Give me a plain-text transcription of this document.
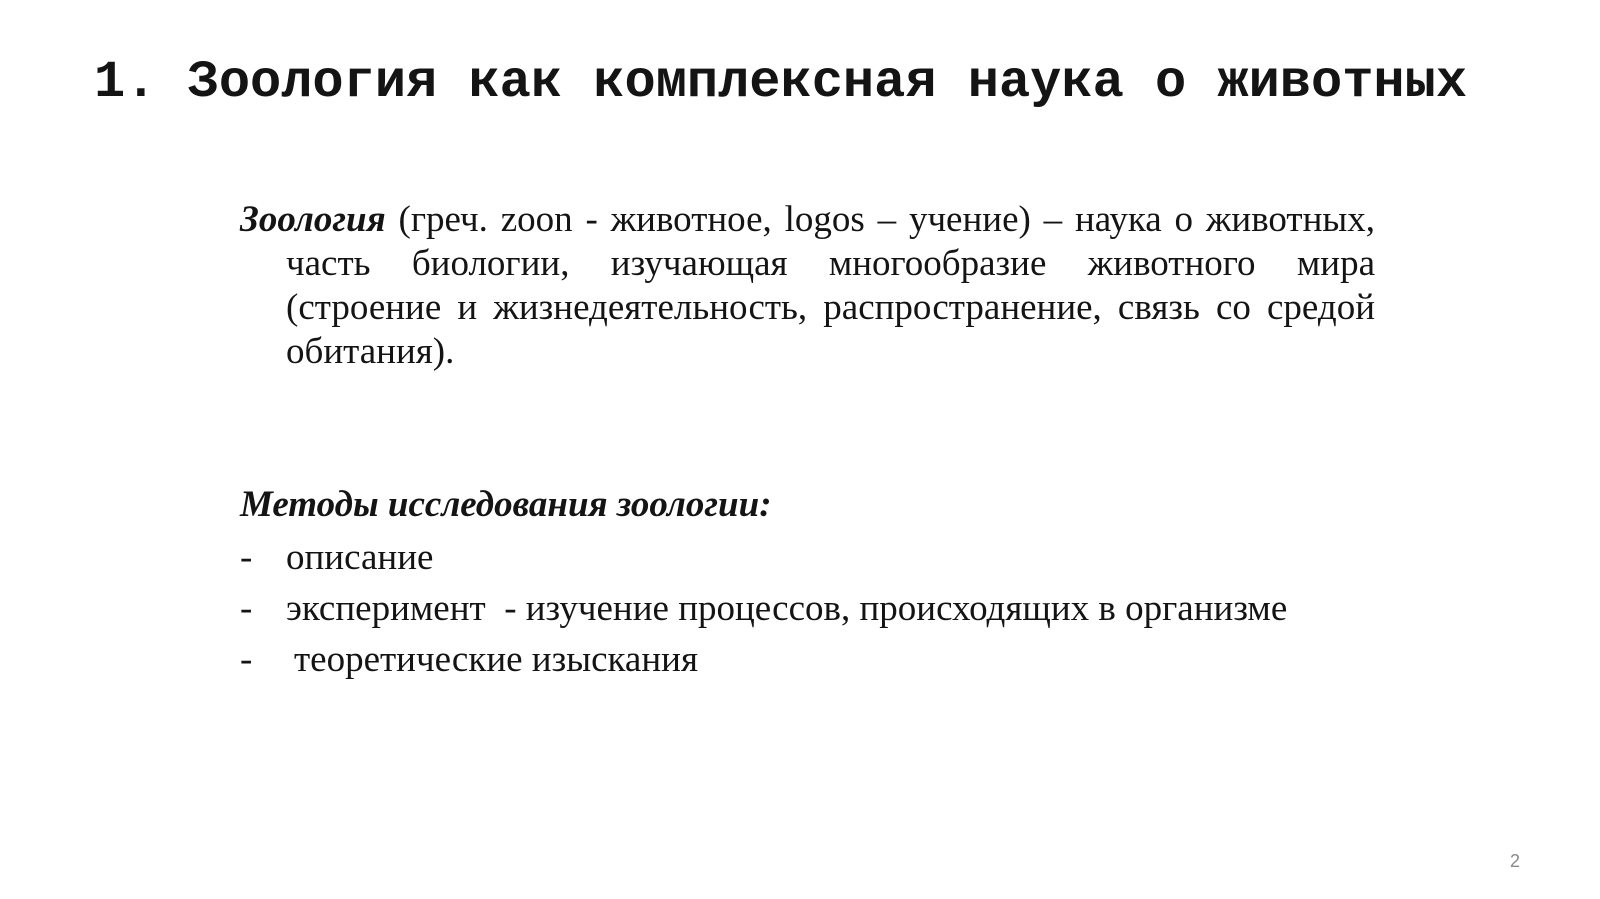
1. Зоология как комплексная наука о животных

Зоология (греч. zoon - животное, logos – учение) – наука о животных, часть биологии, изучающая многообразие животного мира (строение и жизнедеятельность, распространение, связь со средой обитания).

Методы исследования зоологии:

- описание
- эксперимент  - изучение процессов, происходящих в организме
- теоретические изыскания
2
